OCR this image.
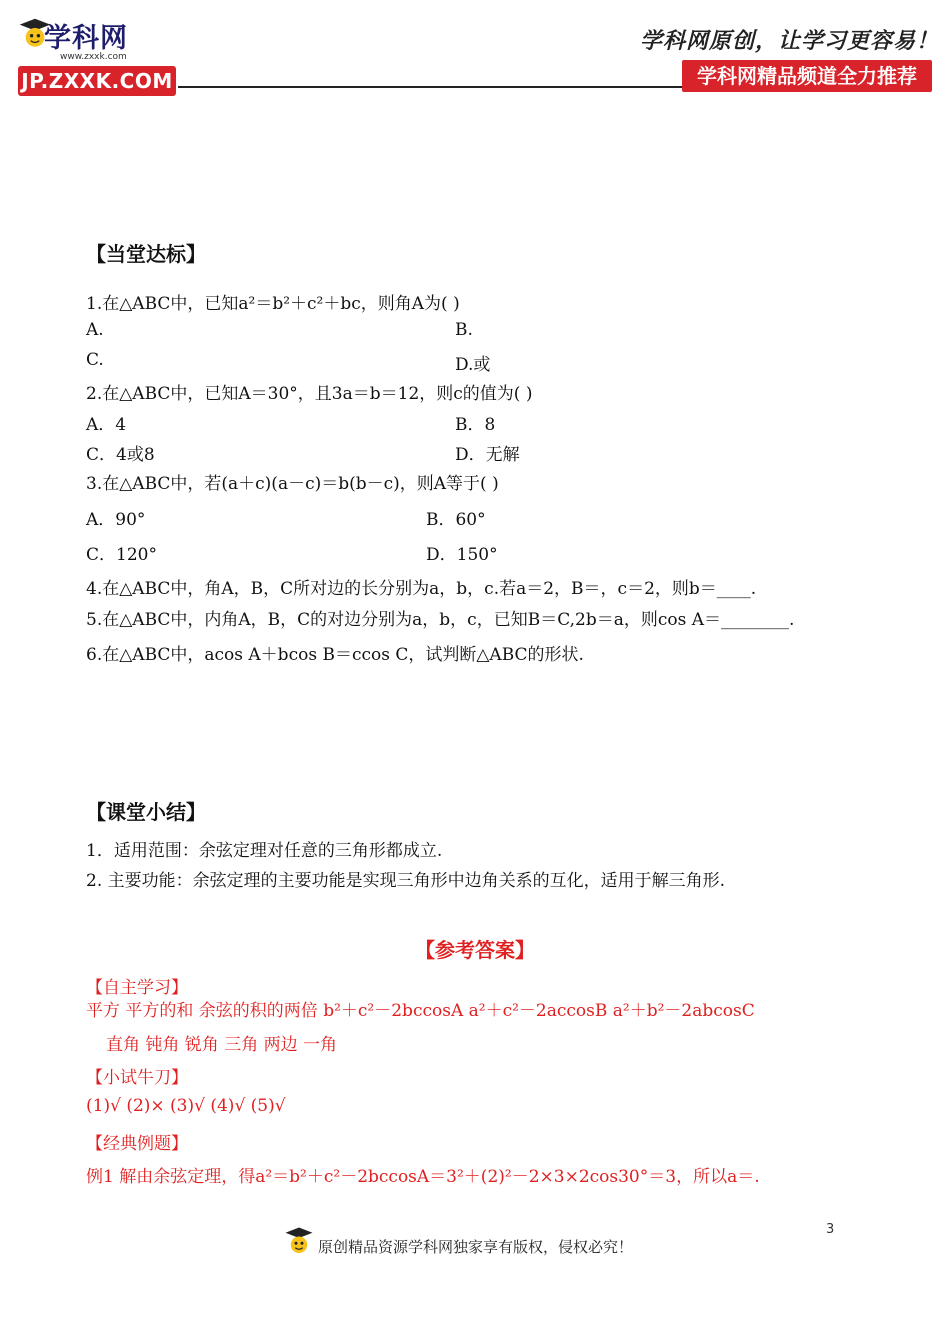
学科网
www.zxxk.com
JP.ZXXK.COM
学科网原创，让学习更容易！
学科网精品频道全力推荐
【当堂达标】
1.在△ABC中，已知a²＝b²＋c²＋bc，则角A为( )
A.	B.
C.	D.或
2.在△ABC中，已知A＝30°，且3a＝b＝12，则c的值为( )
A．4	B．8
C．4或8	D．无解
3.在△ABC中，若(a＋c)(a－c)＝b(b－c)，则A等于( )
A．90°	B．60°
C．120°	D．150°
4.在△ABC中，角A，B，C所对边的长分别为a，b，c.若a＝2，B＝，c＝2，则b＝____.
5.在△ABC中，内角A，B，C的对边分别为a，b，c，已知B＝C,2b＝a，则cos A＝________.
6.在△ABC中，acos A＋bcos B＝ccos C，试判断△ABC的形状.
【课堂小结】
1．适用范围：余弦定理对任意的三角形都成立.
2. 主要功能：余弦定理的主要功能是实现三角形中边角关系的互化，适用于解三角形.
【参考答案】
【自主学习】
平方 平方的和 余弦的积的两倍 b²＋c²－2bccosA a²＋c²－2accosB a²＋b²－2abcosC
直角 钝角 锐角 三角 两边 一角
【小试牛刀】
(1)√ (2)× (3)√ (4)√ (5)√
【经典例题】
例1 解由余弦定理，得a²＝b²＋c²－2bccosA＝3²＋(2)²－2×3×2cos30°＝3，所以a＝.
3
原创精品资源学科网独家享有版权，侵权必究！
